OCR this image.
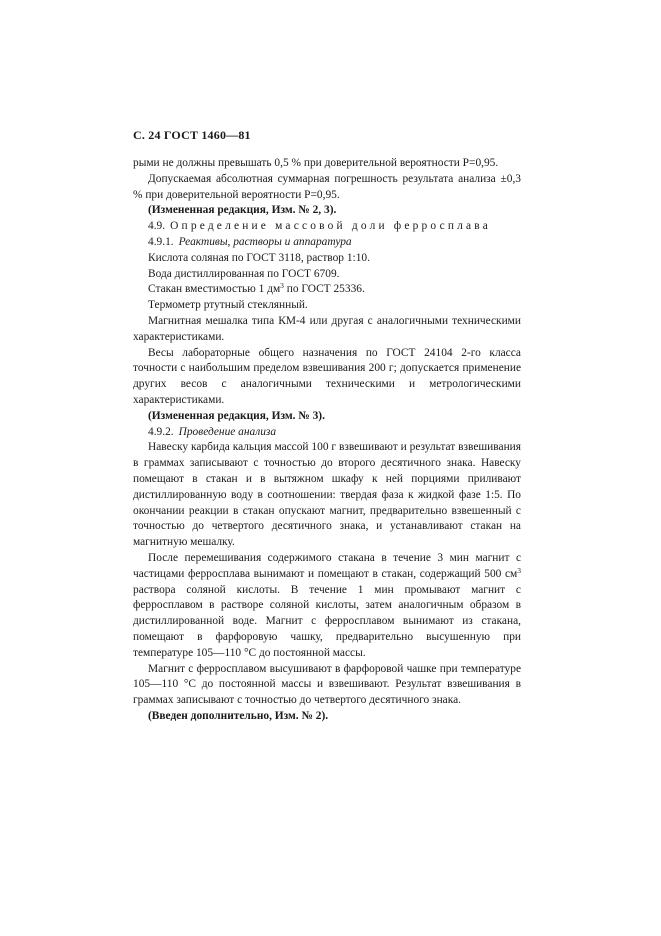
С. 24 ГОСТ 1460—81

рыми не должны превышать 0,5 % при доверительной вероятности Р=0,95.

Допускаемая абсолютная суммарная погрешность результата анализа ±0,3 % при доверительной вероятности Р=0,95.

(Измененная редакция, Изм. № 2, 3).

4.9. Определение массовой доли ферросплава

4.9.1. Реактивы, растворы и аппаратура

Кислота соляная по ГОСТ 3118, раствор 1:10.

Вода дистиллированная по ГОСТ 6709.

Стакан вместимостью 1 $дм^3$ по ГОСТ 25336.

Термометр ртутный стеклянный.

Магнитная мешалка типа КМ-4 или другая с аналогичными техническими характеристиками.

Весы лабораторные общего назначения по ГОСТ 24104 2-го класса точности с наибольшим пределом взвешивания 200 г; допускается применение других весов с аналогичными техническими и метрологическими характеристиками.

(Измененная редакция, Изм. № 3).

4.9.2. Проведение анализа

Навеску карбида кальция массой 100 г взвешивают и результат взвешивания в граммах записывают с точностью до второго десятичного знака. Навеску помещают в стакан и в вытяжном шкафу к ней порциями приливают дистиллированную воду в соотношении: твердая фаза к жидкой фазе 1:5. По окончании реакции в стакан опускают магнит, предварительно взвешенный с точностью до четвертого десятичного знака, и устанавливают стакан на магнитную мешалку.

После перемешивания содержимого стакана в течение 3 мин магнит с частицами ферросплава вынимают и помещают в стакан, содержащий 500 $см^3$ раствора соляной кислоты. В течение 1 мин промывают магнит с ферросплавом в растворе соляной кислоты, затем аналогичным образом в дистиллированной воде. Магнит с ферросплавом вынимают из стакана, помещают в фарфоровую чашку, предварительно высушенную при температуре 105—110 °С до постоянной массы.

Магнит с ферросплавом высушивают в фарфоровой чашке при температуре 105—110 °С до постоянной массы и взвешивают. Результат взвешивания в граммах записывают с точностью до четвертого десятичного знака.

(Введен дополнительно, Изм. № 2).
